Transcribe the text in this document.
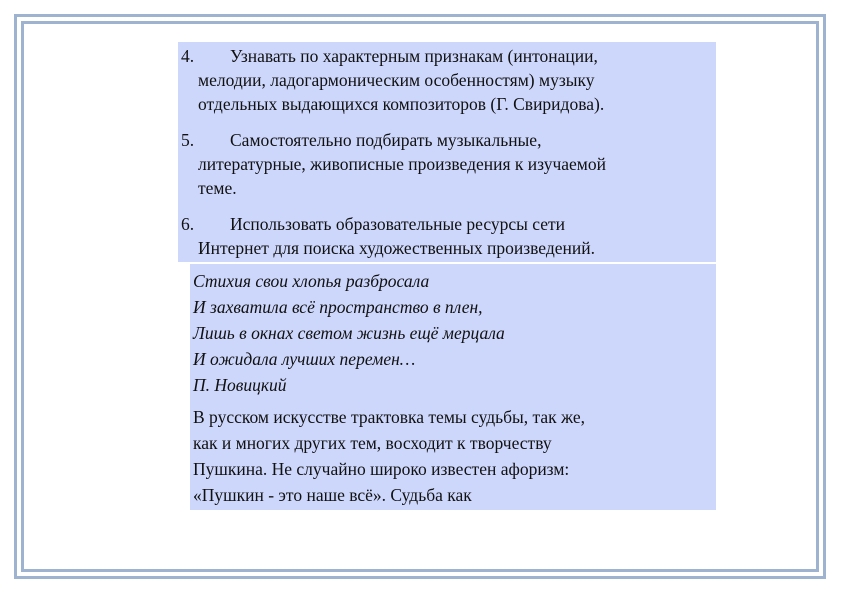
4.	Узнавать по характерным признакам (интонации,
мелодии, ладогармоническим особенностям) музыку
отдельных выдающихся композиторов (Г. Свиридова).
5.	Самостоятельно подбирать музыкальные,
литературные, живописные произведения к изучаемой
теме.
6.	Использовать образовательные ресурсы сети
Интернет для поиска художественных произведений.
Стихия свои хлопья разбросала
И захватила всё пространство в плен,
Лишь в окнах светом жизнь ещё мерцала
И ожидала лучших перемен…
П. Новицкий
В русском искусстве трактовка темы судьбы, так же,
как и многих других тем, восходит к творчеству
Пушкина. Не случайно широко известен афоризм:
«Пушкин - это наше всё». Судьба как
